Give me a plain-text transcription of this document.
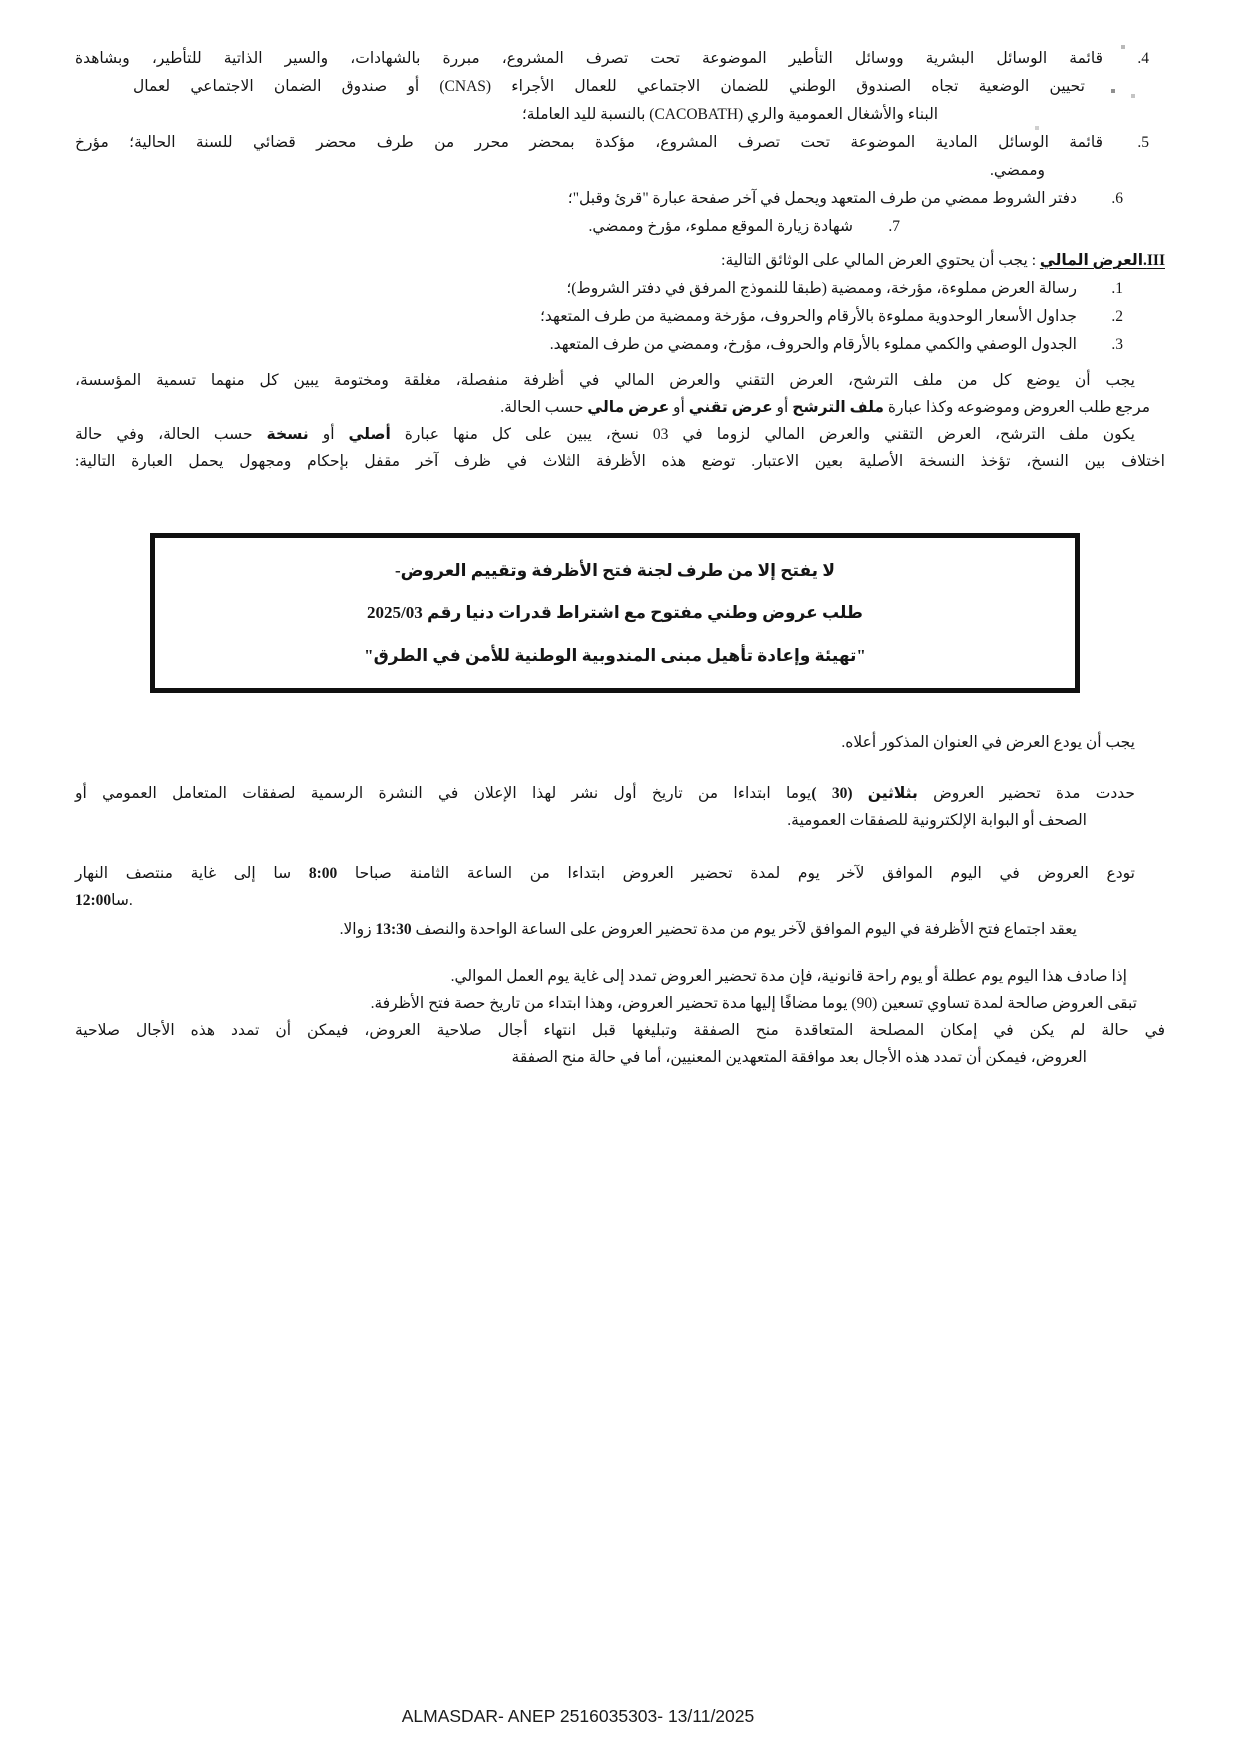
4.
قائمة الوسائل البشرية ووسائل التأطير الموضوعة تحت تصرف المشروع، مبررة بالشهادات، والسير الذاتية للتأطير، وبشاهدة
تحيين الوضعية تجاه الصندوق الوطني للضمان الاجتماعي للعمال الأجراء (CNAS) أو صندوق الضمان الاجتماعي لعمال
البناء والأشغال العمومية والري (CACOBATH) بالنسبة لليد العاملة؛
5.
قائمة الوسائل المادية الموضوعة تحت تصرف المشروع، مؤكدة بمحضر محرر من طرف محضر قضائي للسنة الحالية؛ مؤرخ
وممضي.
6.
دفتر الشروط ممضي من طرف المتعهد ويحمل في آخر صفحة عبارة "قرئ وقبل"؛
7.
شهادة زيارة الموقع مملوء، مؤرخ وممضي.
III.العرض المالي : يجب أن يحتوي العرض المالي على الوثائق التالية:
1.
رسالة العرض مملوءة، مؤرخة، وممضية (طبقا للنموذج المرفق في دفتر الشروط)؛
2.
جداول الأسعار الوحدوية مملوءة بالأرقام والحروف، مؤرخة وممضية من طرف المتعهد؛
3.
الجدول الوصفي والكمي مملوء بالأرقام والحروف، مؤرخ، وممضي من طرف المتعهد.
يجب أن يوضع كل من ملف الترشح، العرض التقني والعرض المالي في أظرفة منفصلة، مغلقة ومختومة يبين كل منهما تسمية المؤسسة،
مرجع طلب العروض وموضوعه وكذا عبارة ملف الترشح أو عرض تقني أو عرض مالي حسب الحالة.
يكون ملف الترشح، العرض التقني والعرض المالي لزوما في 03 نسخ، يبين على كل منها عبارة أصلي أو نسخة حسب الحالة، وفي حالة
اختلاف بين النسخ، تؤخذ النسخة الأصلية بعين الاعتبار. توضع هذه الأظرفة الثلاث في ظرف آخر مقفل بإحكام ومجهول يحمل العبارة التالية:
لا يفتح إلا من طرف لجنة فتح الأظرفة وتقييم العروض-
طلب عروض وطني مفتوح مع اشتراط قدرات دنيا رقم 2025/03
"تهيئة وإعادة تأهيل مبنى المندوبية الوطنية للأمن في الطرق"
يجب أن يودع العرض في العنوان المذكور أعلاه.
حددت مدة تحضير العروض بثلاثين (30 )يوما ابتداءا من تاريخ أول نشر لهذا الإعلان في النشرة الرسمية لصفقات المتعامل العمومي أو
الصحف أو البوابة الإلكترونية للصفقات العمومية.
تودع العروض في اليوم الموافق لآخر يوم لمدة تحضير العروض ابتداءا من الساعة الثامنة صباحا 8:00 سا إلى غاية منتصف النهار
12:00سا.
يعقد اجتماع فتح الأظرفة في اليوم الموافق لآخر يوم من مدة تحضير العروض على الساعة الواحدة والنصف 13:30 زوالا.
إذا صادف هذا اليوم يوم عطلة أو يوم راحة قانونية، فإن مدة تحضير العروض تمدد إلى غاية يوم العمل الموالي.
تبقى العروض صالحة لمدة تساوي تسعين (90) يوما مضافًا إليها مدة تحضير العروض، وهذا ابتداء من تاريخ حصة فتح الأظرفة.
في حالة لم يكن في إمكان المصلحة المتعاقدة منح الصفقة وتبليغها قبل انتهاء أجال صلاحية العروض، فيمكن أن تمدد هذه الأجال صلاحية
العروض، فيمكن أن تمدد هذه الأجال بعد موافقة المتعهدين المعنيين، أما في حالة منح الصفقة
ALMASDAR- ANEP 2516035303- 13/11/2025
